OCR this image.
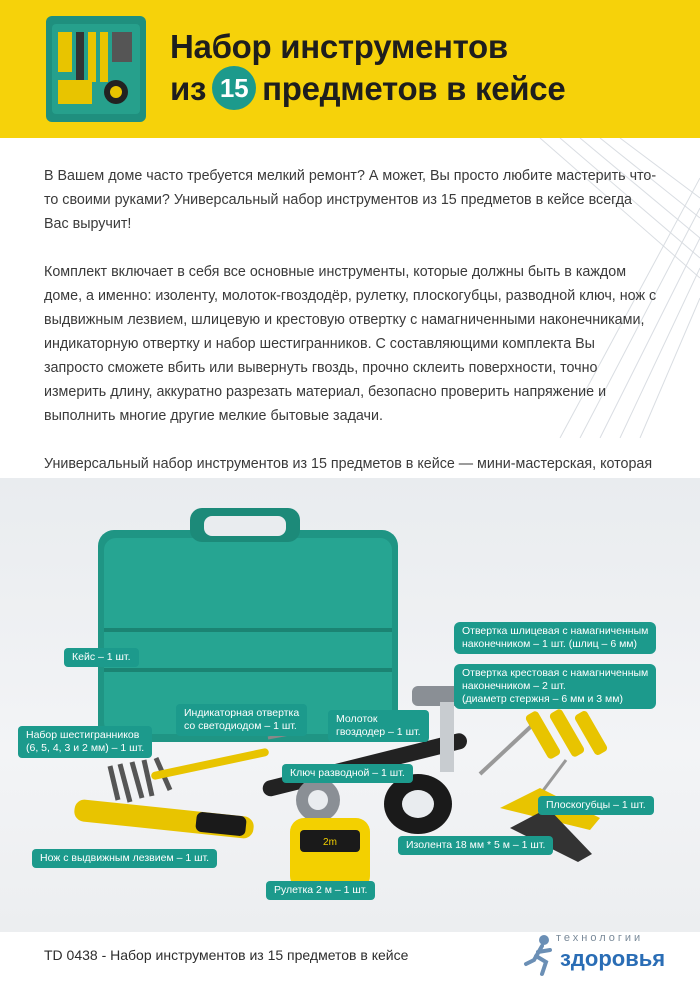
Набор инструментов
из 15 предметов в кейсе

В Вашем доме часто требуется мелкий ремонт? А может, Вы просто любите мастерить что-то своими руками? Универсальный набор инструментов из 15 предметов в кейсе всегда Вас выручит!

Комплект включает в себя все основные инструменты, которые должны быть в каждом доме, а именно: изоленту, молоток-гвоздодёр, рулетку, плоскогубцы, разводной ключ, нож с выдвижным лезвием, шлицевую и крестовую отвертку с намагниченными наконечниками, индикаторную отвертку и набор шестигранников. С составляющими комплекта Вы запросто сможете вбить или вывернуть гвоздь, прочно склеить поверхности, точно измерить длину, аккуратно разрезать материал, безопасно проверить напряжение и выполнить многие другие мелкие бытовые задачи.

Универсальный набор инструментов из 15 предметов в кейсе — мини-мастерская, которая

2m
Кейс – 1 шт.
Отвертка шлицевая с намагниченным
наконечником – 1 шт. (шлиц – 6 мм)
Отвертка крестовая с намагниченным
наконечником – 2 шт.
(диаметр стержня – 6 мм и 3 мм)
Индикаторная отвертка
со светодиодом – 1 шт.
Набор шестигранников
(6, 5, 4, 3 и 2 мм) – 1 шт.
Молоток
гвоздодер – 1 шт.
Ключ разводной – 1 шт.
Плоскогубцы – 1 шт.
Нож с выдвижным лезвием – 1 шт.
Изолента 18 мм * 5 м – 1 шт.
Рулетка 2 м – 1 шт.
TD 0438 - Набор инструментов из 15 предметов в кейсе
технологии
здоровья
